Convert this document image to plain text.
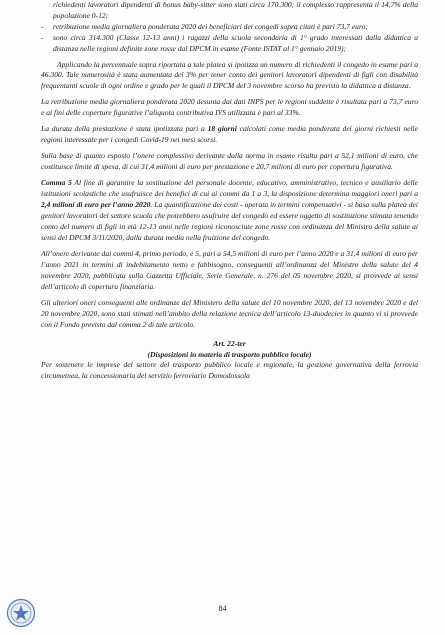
richiedenti lavoratori dipendenti di bonus baby-sitter sono stati circa 170.300; il complesso rappresenta il 14,7% della popolazione 0-12;
-	retribuzione media giornaliera ponderata 2020 dei beneficiari dei congedi sopra citati è pari 73,7 euro;
-	sono circa 314.300 (Classe 12-13 anni) i ragazzi della scuola secondaria di 1° grado interessati dalla didattica a distanza nelle regioni definite zone rosse dal DPCM in esame (Fonte ISTAT al 1° gennaio 2019);

Applicando la percentuale sopra riportata a tale platea si ipotizza un numero di richiedenti il congedo in esame pari a 46.300. Tale numerosità è stata aumentata del 3% per tener conto dei genitori lavoratori dipendenti di figli con disabilità frequentanti scuole di ogni ordine e grado per le quali il DPCM del 3 novembre scorso ha previsto la didattica a distanza.

La retribuzione media giornaliera ponderata 2020 desunta dai dati INPS per le regioni suddette è risultata pari a 73,7 euro e ai fini delle coperture figurative l’aliquota contributiva IVS utilizzata è pari al 33%.

La durata della prestazione è stata ipotizzata pari a 18 giorni calcolati come media ponderata dei giorni richiesti nelle regioni interessate per i congedi Covid-19 nei mesi scorsi.

Sulla base di quanto esposto l’onere complessivo derivante dalla norma in esame risulta pari a 52,1 milioni di euro, che costituisce limite di spesa, di cui 31,4 milioni di euro per prestazione e 20,7 milioni di euro per copertura figurativa.

Comma 5 Al fine di garantire la sostituzione del personale docente, educativo, amministrativo, tecnico e ausiliario delle istituzioni scolastiche che usufruisce dei benefici di cui ai commi da 1 a 3, la disposizione determina maggiori oneri pari a 2,4 milioni di euro per l’anno 2020. La quantificazione dei costi - operata in termini compensativi - si basa sulla platea dei genitori lavoratori del settore scuola che potrebbero usufruire del congedo ed essere oggetto di sostituzione stimata tenendo conto del numero di figli in età 12-13 anni nelle regioni riconosciute zone rosse con ordinanza del Ministro della salute ai sensi del DPCM 3/11/2020, dalla durata media nella fruizione del congedo.

All’onere derivante dai commi 4, primo periodo, e 5, pari a 54,5 milioni di euro per l’anno 2020 e a 31,4 milioni di euro per l’anno 2021 in termini di indebitamento netto e fabbisogno, conseguenti all’ordinanza del Ministro della salute del 4 novembre 2020, pubblicata sulla Gazzetta Ufficiale, Serie Generale, n. 276 del 05 novembre 2020, si provvede ai sensi dell’articolo di copertura finanziaria.

Gli ulteriori oneri conseguenti alle ordinanze del Ministero della salute del 10 novembre 2020, del 13 novembre 2020 e del 20 novembre 2020, sono stati stimati nell’ambito della relazione tecnica dell’articolo 13-duodecies in quanto vi si provvede con il Fondo previsto dal comma 2 di tale articolo.

Art. 22-ter
(Disposizioni in materia di trasporto pubblico locale)

Per sostenere le imprese del settore del trasporto pubblico locale e regionale, la gestione governativa della ferrovia circumetnea, la concessionaria del servizio ferroviario Domodossola

84
